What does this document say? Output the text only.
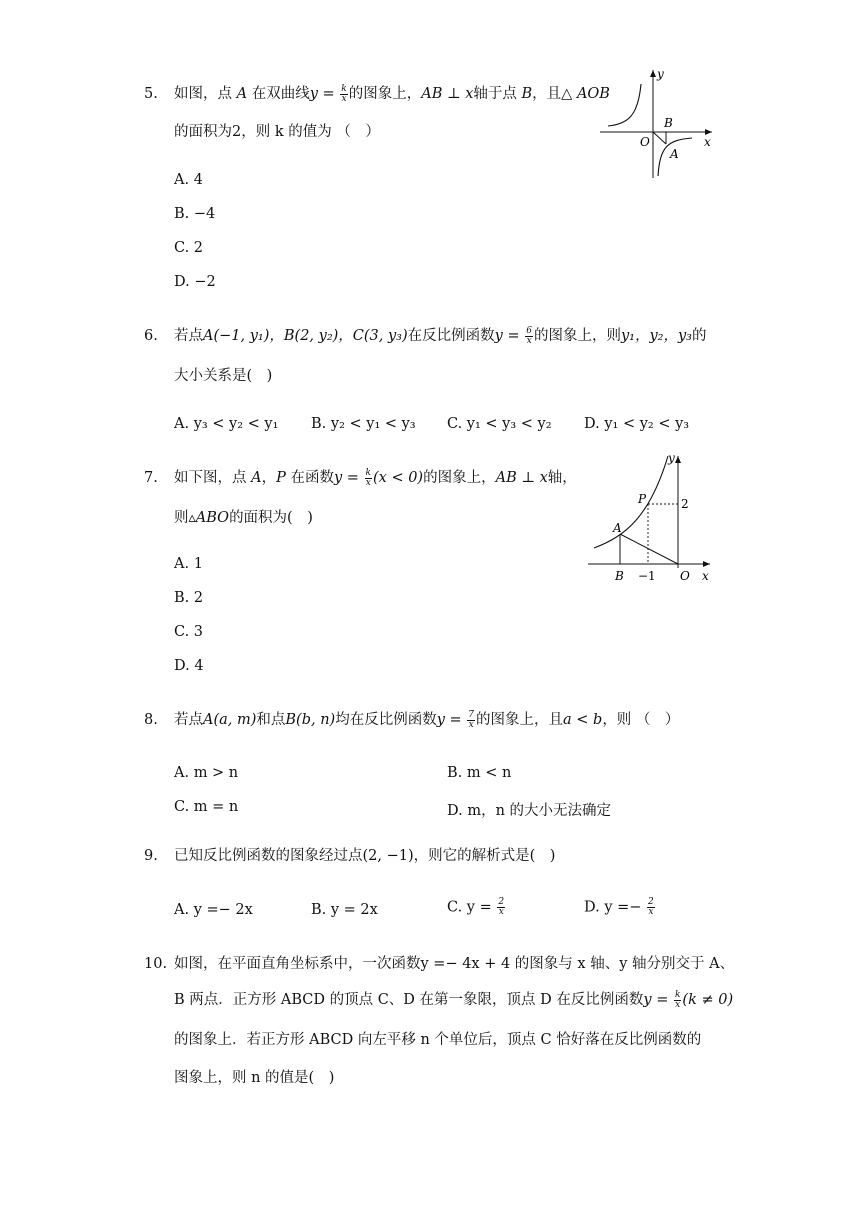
5.	如图，点 A 在双曲线$y = \frac{k}{x}$ 的图象上，AB ⊥ x轴于点 B，且△ AOB
的面积为2，则 k 的值为 （　）
A. 4
B. −4
C. 2
D. −2
y
x
O
B
A
6.	若点A(−1, y₁)，B(2, y₂)，C(3, y₃)在反比例函数$y = \frac{6}{x}$ 的图象上，则y₁，y₂，y₃的
大小关系是(　)
A. y₃ < y₂ < y₁ B. y₂ < y₁ < y₃ C. y₁ < y₃ < y₂ D. y₁ < y₂ < y₃
7.	如下图，点 A，P 在函数$y = \frac{k}{x} (x < 0)$的图象上，AB ⊥ x轴，
则▵ABO的面积为(　)
A. 1
B. 2
C. 3
D. 4
y
x
P	2
A
B −1 O
8.	若点A(a, m)和点B(b, n)均在反比例函数$y = \frac{7}{x}$ 的图象上，且a < b，则 （　）
A. m > n	B. m < n
C. m = n	D. m，n 的大小无法确定
9.	已知反比例函数的图象经过点(2, −1)，则它的解析式是(　)
A. y =− 2x	B. y = 2x	C. $y = \frac{2}{x}$	D. $y =- \frac{2}{x}$
10. 如图，在平面直角坐标系中，一次函数y =− 4x + 4 的图象与 x 轴、y 轴分别交于 A、
B 两点．正方形 ABCD 的顶点 C、D 在第一象限，顶点 D 在反比例函数$y = \frac{k}{x} (k \ne 0)$
的图象上．若正方形 ABCD 向左平移 n 个单位后，顶点 C 恰好落在反比例函数的
图象上，则 n 的值是(　)
